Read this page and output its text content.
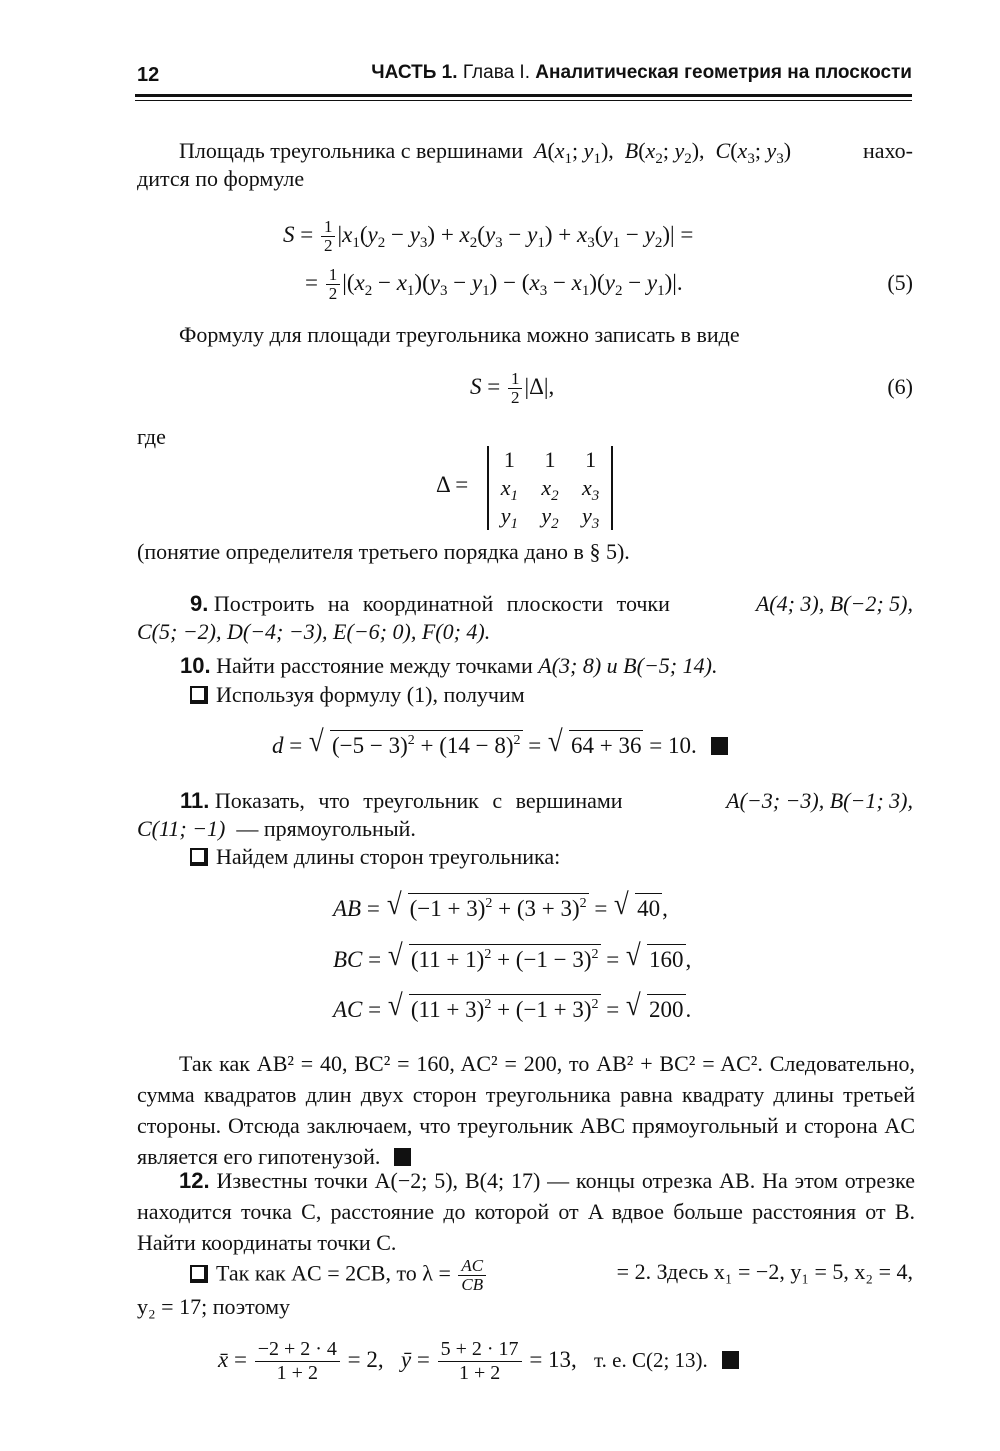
12	ЧАСТЬ 1. Глава I. Аналитическая геометрия на плоскости
Площадь треугольника с вершинами $A(x_1$; $y_1$),  $B(x_2$; $y_2$),  $C(x_3$; $y_3$)	нахо-
дится по формуле
$S = \frac{1}{2} |x_1(y_2 - y_3) + x_2(y_3 - y_1) + x_3(y_1 - y_2)|$ =
= $\frac{1}{2} |(x_2 - x_1)(y_3 - y_1) - (x_3 - x_1)(y_2 - y_1)|$.	(5)
Формулу для площади треугольника можно записать в виде
$S = \frac{1}{2} |\Delta|$,	(6)
где
Δ =
1	1	1
$x_1$	$x_2$	$x_3$
$y_1$	$y_2$	$y_3$
(понятие определителя третьего порядка дано в § 5).
9. Построить на координатной плоскости точки	A(4; 3), B(−2; 5),
C(5; −2), D(−4; −3), E(−6; 0), F(0; 4).
10. Найти расстояние между точками A(3; 8) и B(−5; 14).
Используя формулу (1), получим
d = √ $(-5 - 3)^2 + (14 - 8)^2$ = √ 64 + 36 = 10.
11. Показать, что треугольник с вершинами	A(−3; −3), B(−1; 3),
C(11; −1) — прямоугольный.
Найдем длины сторон треугольника:
AB = √ $(-1 + 3)^2 + (3 + 3)^2$ = √ 40,
BC = √ $(11 + 1)^2 + (-1 - 3)^2$ = √ 160,
AC = √ $(11 + 3)^2 + (-1 + 3)^2$ = √ 200.
Так как AB² = 40, BC² = 160, AC² = 200, то AB² + BC² = AC². Следовательно, сумма квадратов длин двух сторон треугольника равна квадрату длины третьей стороны. Отсюда заключаем, что треугольник ABC прямоугольный и сторона AC является его гипотенузой.
12. Известны точки A(−2; 5), B(4; 17) — концы отрезка AB. На этом отрезке находится точка C, расстояние до которой от A вдвое больше расстояния от B. Найти координаты точки C.
Так как AC = 2CB, то $\lambda = \frac{AC}{CB}$	= 2. Здесь x₁ = −2, y₁ = 5, x₂ = 4,
y₂ = 17; поэтому
x̄ = $\frac{-2 + 2 \cdot 4}{1 + 2} = 2$,   ȳ = $\frac{5 + 2 \cdot 17}{1 + 2} = 13$,   т. е. C(2; 13).
